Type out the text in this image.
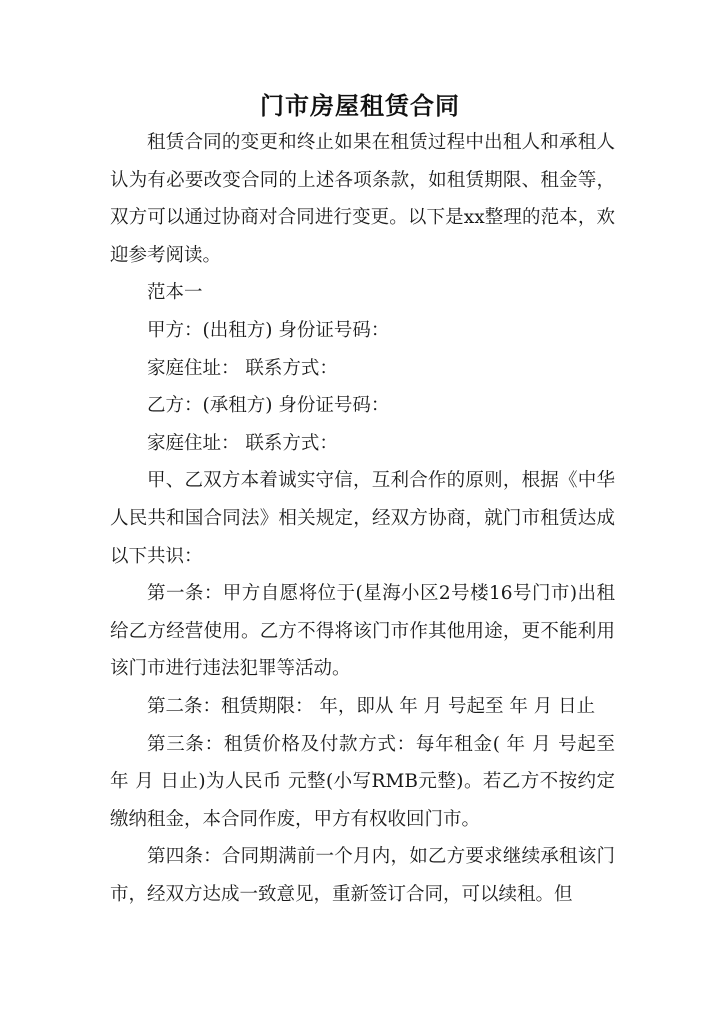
门市房屋租赁合同

租赁合同的变更和终止如果在租赁过程中出租人和承租人认为有必要改变合同的上述各项条款，如租赁期限、租金等，双方可以通过协商对合同进行变更。以下是xx整理的范本，欢迎参考阅读。

范本一

甲方：(出租方) 身份证号码：

家庭住址： 联系方式：

乙方：(承租方) 身份证号码：

家庭住址： 联系方式：

甲、乙双方本着诚实守信，互利合作的原则，根据《中华人民共和国合同法》相关规定，经双方协商，就门市租赁达成以下共识：

第一条：甲方自愿将位于(星海小区2号楼16号门市)出租给乙方经营使用。乙方不得将该门市作其他用途，更不能利用该门市进行违法犯罪等活动。

第二条：租赁期限： 年，即从 年 月 号起至 年 月 日止

第三条：租赁价格及付款方式：每年租金( 年 月 号起至 年 月 日止)为人民币 元整(小写RMB元整)。若乙方不按约定缴纳租金，本合同作废，甲方有权收回门市。

第四条：合同期满前一个月内，如乙方要求继续承租该门市，经双方达成一致意见，重新签订合同，可以续租。但
